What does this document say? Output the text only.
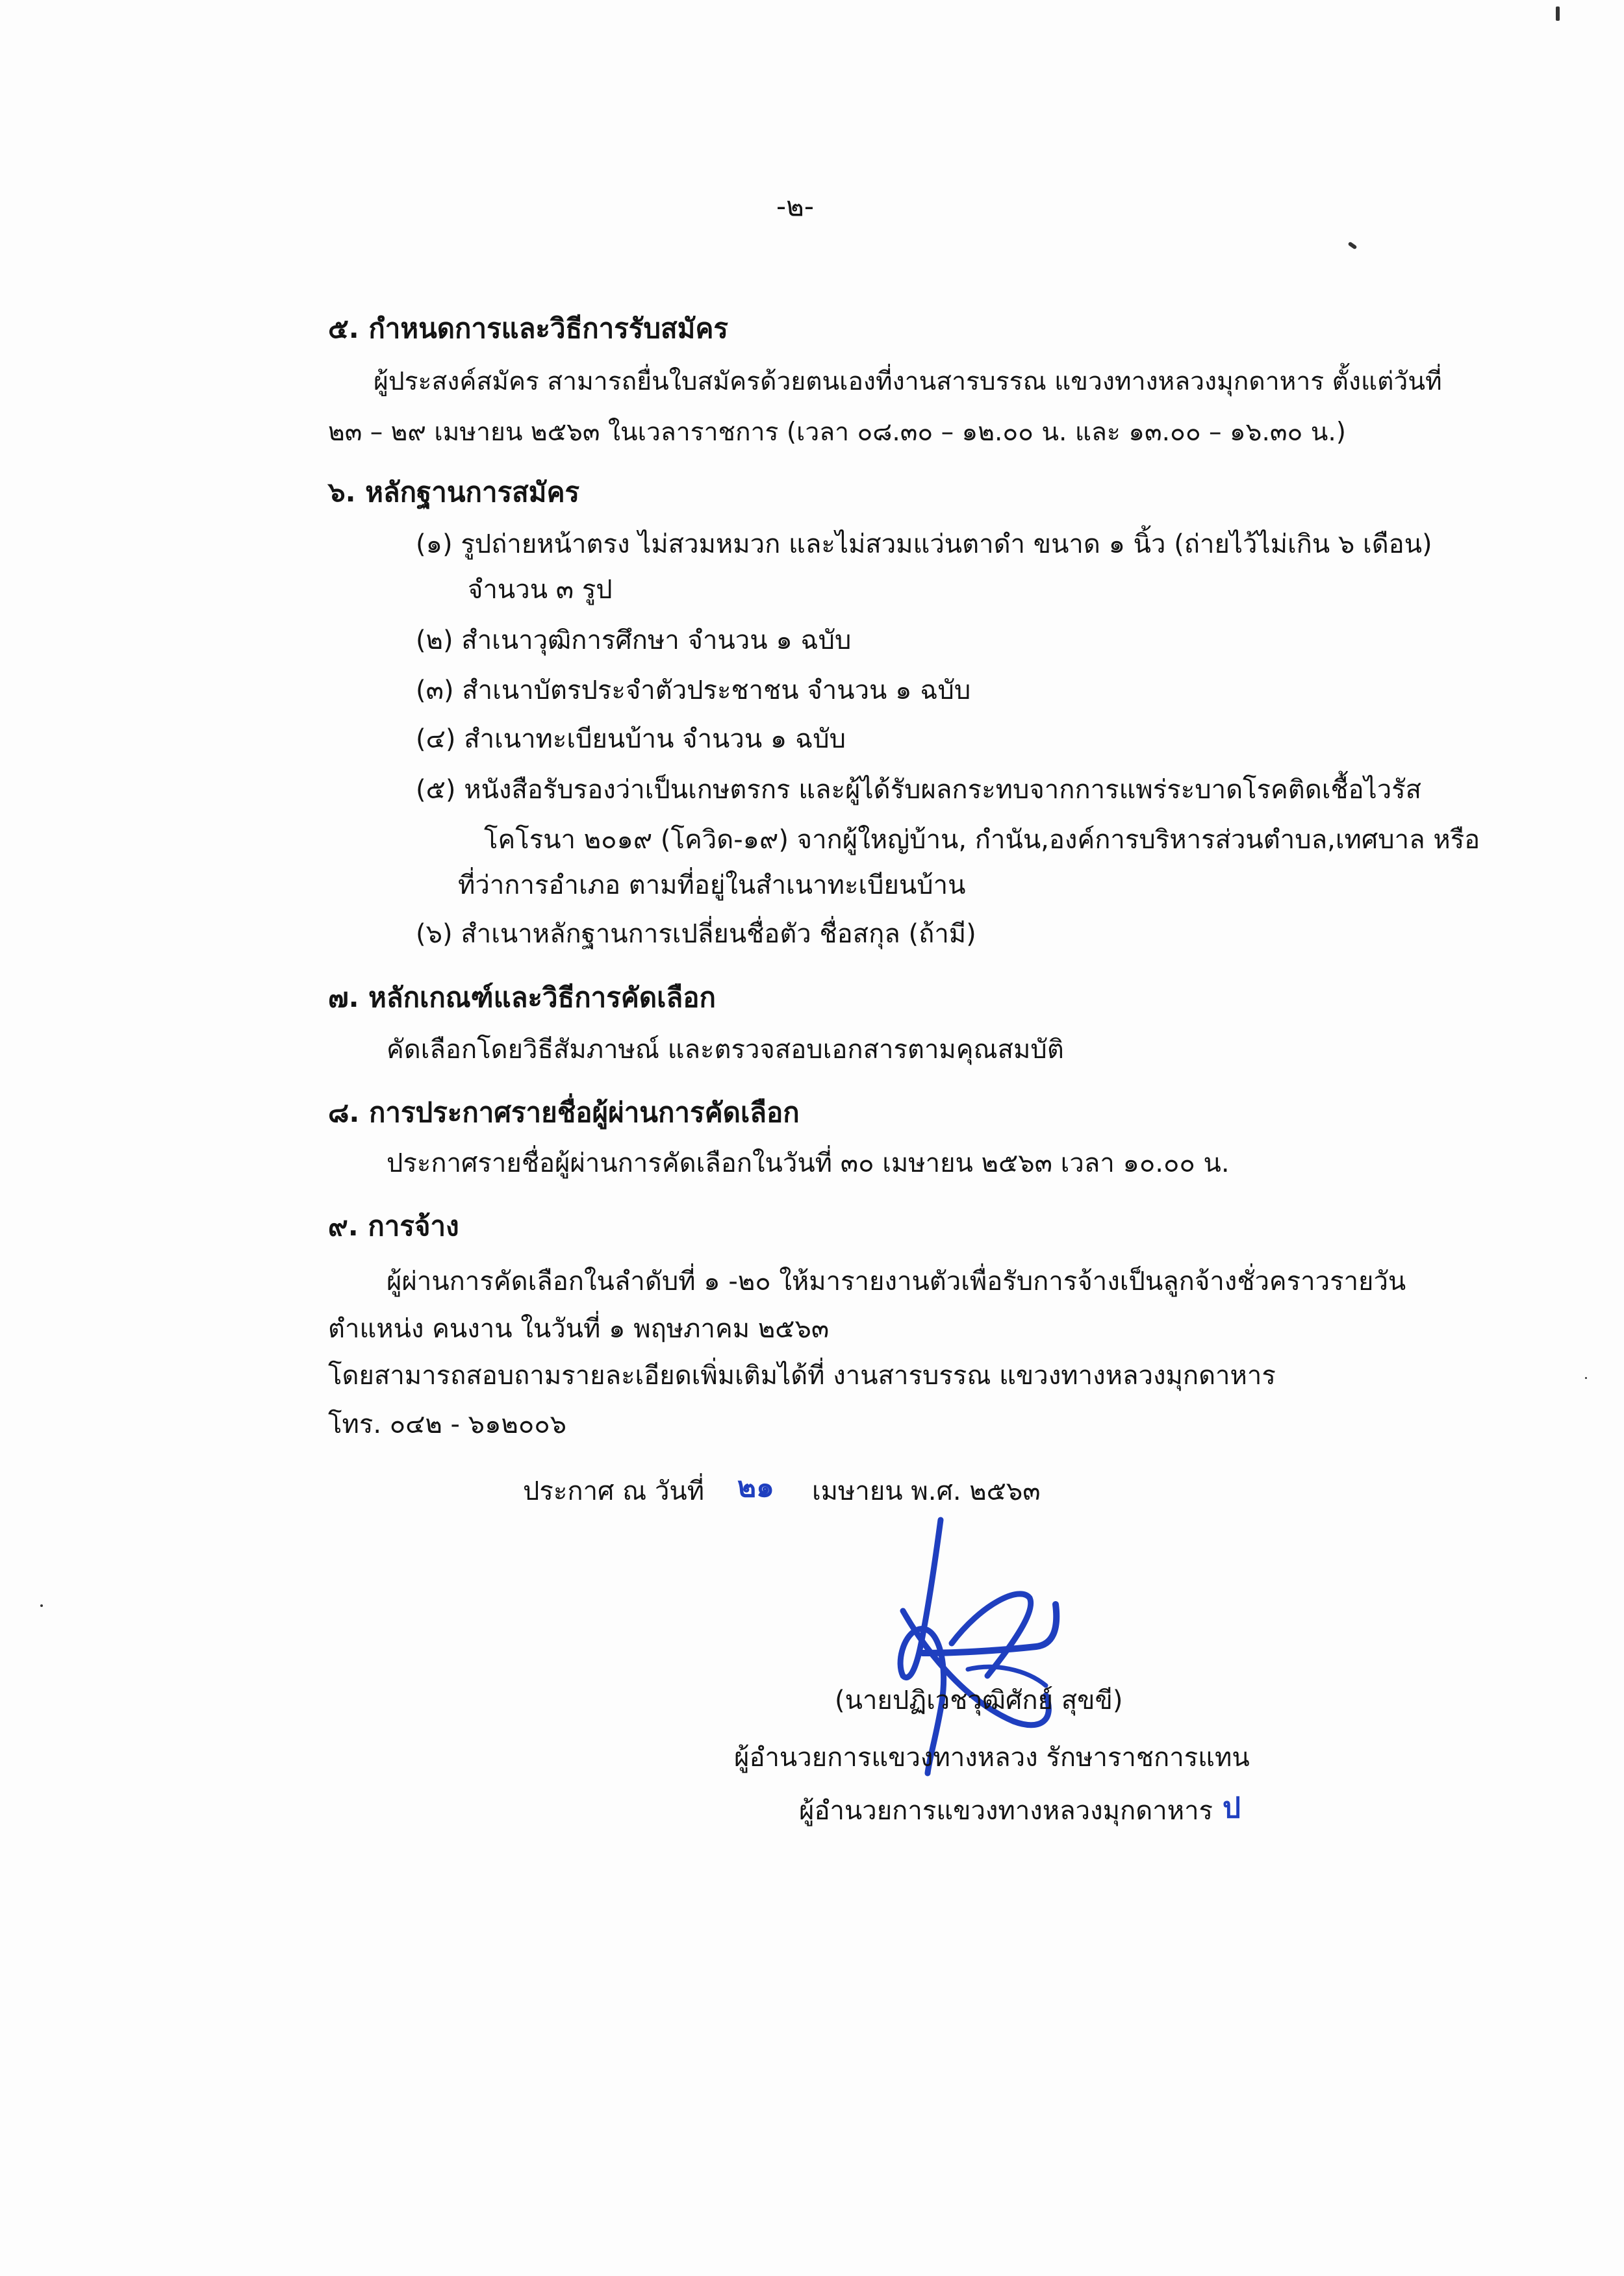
-๒-
๕. กำหนดการและวิธีการรับสมัคร
ผู้ประสงค์สมัคร สามารถยื่นใบสมัครด้วยตนเองที่งานสารบรรณ แขวงทางหลวงมุกดาหาร ตั้งแต่วันที่
๒๓ – ๒๙ เมษายน ๒๕๖๓ ในเวลาราชการ (เวลา ๐๘.๓๐ – ๑๒.๐๐ น. และ ๑๓.๐๐ – ๑๖.๓๐ น.)
๖. หลักฐานการสมัคร
(๑) รูปถ่ายหน้าตรง ไม่สวมหมวก และไม่สวมแว่นตาดำ ขนาด ๑ นิ้ว (ถ่ายไว้ไม่เกิน ๖ เดือน)
จำนวน ๓ รูป
(๒) สำเนาวุฒิการศึกษา จำนวน ๑ ฉบับ
(๓) สำเนาบัตรประจำตัวประชาชน จำนวน ๑ ฉบับ
(๔) สำเนาทะเบียนบ้าน จำนวน ๑ ฉบับ
(๕) หนังสือรับรองว่าเป็นเกษตรกร และผู้ได้รับผลกระทบจากการแพร่ระบาดโรคติดเชื้อไวรัส
โคโรนา ๒๐๑๙ (โควิด-๑๙) จากผู้ใหญ่บ้าน, กำนัน,องค์การบริหารส่วนตำบล,เทศบาล หรือ
ที่ว่าการอำเภอ ตามที่อยู่ในสำเนาทะเบียนบ้าน
(๖) สำเนาหลักฐานการเปลี่ยนชื่อตัว ชื่อสกุล (ถ้ามี)
๗. หลักเกณฑ์และวิธีการคัดเลือก
คัดเลือกโดยวิธีสัมภาษณ์ และตรวจสอบเอกสารตามคุณสมบัติ
๘. การประกาศรายชื่อผู้ผ่านการคัดเลือก
ประกาศรายชื่อผู้ผ่านการคัดเลือกในวันที่ ๓๐ เมษายน ๒๕๖๓ เวลา ๑๐.๐๐ น.
๙. การจ้าง
ผู้ผ่านการคัดเลือกในลำดับที่ ๑ -๒๐ ให้มารายงานตัวเพื่อรับการจ้างเป็นลูกจ้างชั่วคราวรายวัน
ตำแหน่ง คนงาน ในวันที่ ๑ พฤษภาคม ๒๕๖๓
โดยสามารถสอบถามรายละเอียดเพิ่มเติมได้ที่ งานสารบรรณ แขวงทางหลวงมุกดาหาร
โทร. ๐๔๒ - ๖๑๒๐๐๖
ประกาศ ณ วันที่ ๒๑ เมษายน พ.ศ. ๒๕๖๓
(นายปฏิเวชวุฒิศักย์ สุขขี)
ผู้อำนวยการแขวงทางหลวง รักษาราชการแทน
ผู้อำนวยการแขวงทางหลวงมุกดาหาร ป
